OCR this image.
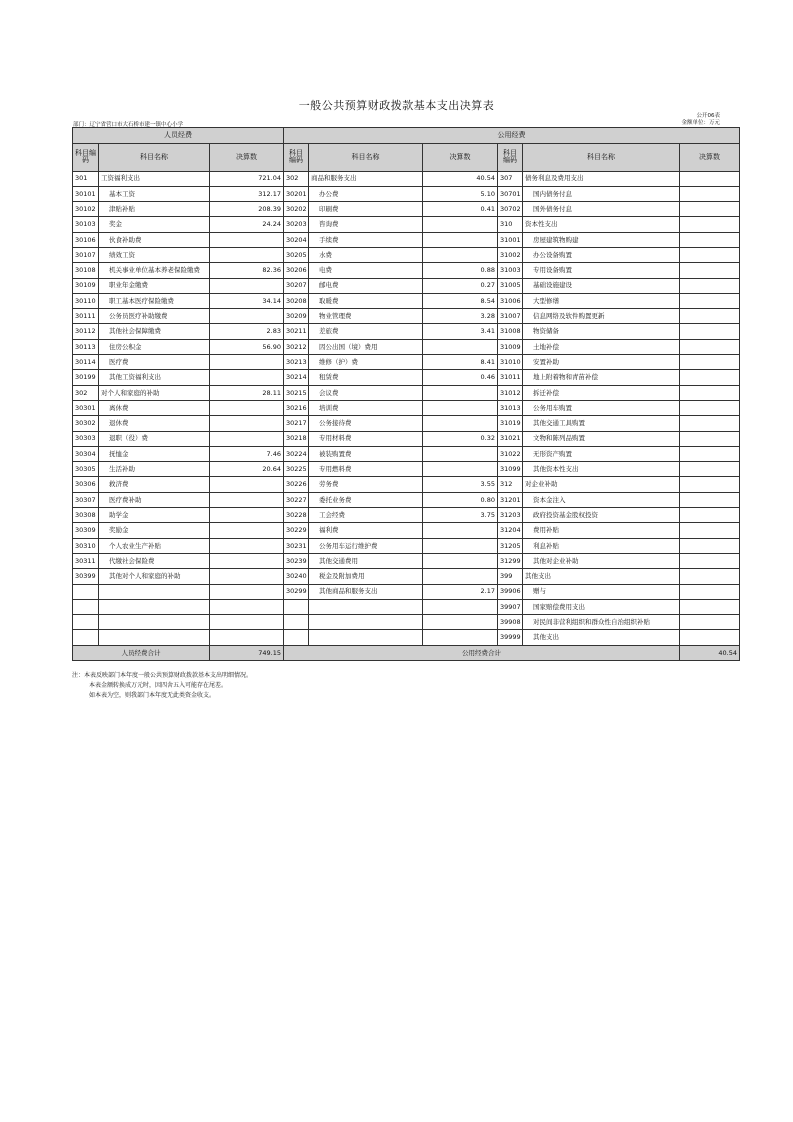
一般公共预算财政拨款基本支出决算表
公开06表
金额单位：万元
部门：辽宁省营口市大石桥市建一镇中心小学
人员经费			公用经费					
科目编码	科目名称	决算数	科目编码	科目名称	决算数	科目编码	科目名称	决算数
301	工资福利支出	721.04	302	商品和服务支出	40.54	307	债务利息及费用支出	
30101	基本工资	312.17	30201	办公费	5.10	30701	国内债务付息	
30102	津贴补贴	208.39	30202	印刷费	0.41	30702	国外债务付息	
30103	奖金	24.24	30203	咨询费		310	资本性支出	
30106	伙食补助费		30204	手续费		31001	房屋建筑物购建	
30107	绩效工资		30205	水费		31002	办公设备购置	
30108	机关事业单位基本养老保险缴费	82.36	30206	电费	0.88	31003	专用设备购置	
30109	职业年金缴费		30207	邮电费	0.27	31005	基础设施建设	
30110	职工基本医疗保险缴费	34.14	30208	取暖费	8.54	31006	大型修缮	
30111	公务员医疗补助缴费		30209	物业管理费	3.28	31007	信息网络及软件购置更新	
30112	其他社会保障缴费	2.83	30211	差旅费	3.41	31008	物资储备	
30113	住房公积金	56.90	30212	因公出国（境）费用		31009	土地补偿	
30114	医疗费		30213	维修（护）费	8.41	31010	安置补助	
30199	其他工资福利支出		30214	租赁费	0.46	31011	地上附着物和青苗补偿	
302	对个人和家庭的补助	28.11	30215	会议费		31012	拆迁补偿	
30301	离休费		30216	培训费		31013	公务用车购置	
30302	退休费		30217	公务接待费		31019	其他交通工具购置	
30303	退职（役）费		30218	专用材料费	0.32	31021	文物和陈列品购置	
30304	抚恤金	7.46	30224	被装购置费		31022	无形资产购置	
30305	生活补助	20.64	30225	专用燃料费		31099	其他资本性支出	
30306	救济费		30226	劳务费	3.55	312	对企业补助	
30307	医疗费补助		30227	委托业务费	0.80	31201	资本金注入	
30308	助学金		30228	工会经费	3.75	31203	政府投资基金股权投资	
30309	奖励金		30229	福利费		31204	费用补贴	
30310	个人农业生产补贴		30231	公务用车运行维护费		31205	利息补贴	
30311	代缴社会保险费		30239	其他交通费用		31299	其他对企业补助	
30399	其他对个人和家庭的补助		30240	税金及附加费用		399	其他支出	
			30299	其他商品和服务支出	2.17	39906	赠与	
						39907	国家赔偿费用支出	
						39908	对民间非营利组织和群众性自治组织补贴	
						39999	其他支出	
人员经费合计		749.15	公用经费合计					40.54
注：本表反映部门本年度一般公共预算财政拨款基本支出明细情况。
本表金额转换成万元时，因四舍五入可能存在尾差。
如本表为空，则我部门本年度无此类资金收支。
